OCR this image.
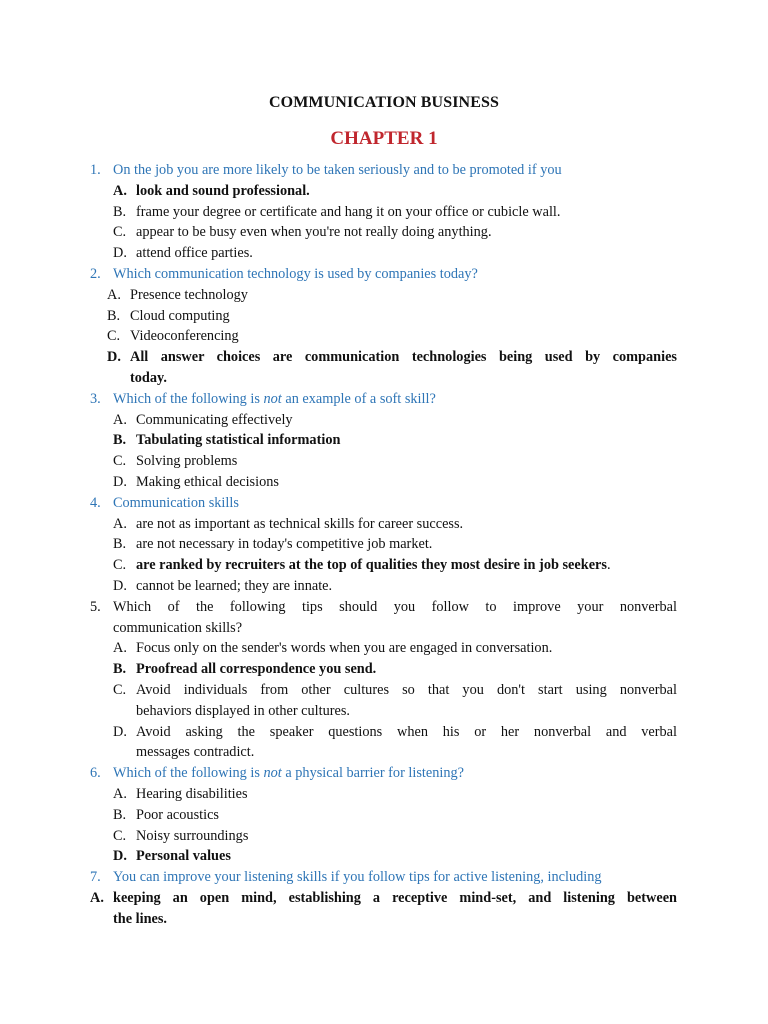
COMMUNICATION BUSINESS
CHAPTER 1
1. On the job you are more likely to be taken seriously and to be promoted if you
A. look and sound professional.
B. frame your degree or certificate and hang it on your office or cubicle wall.
C. appear to be busy even when you're not really doing anything.
D. attend office parties.
2. Which communication technology is used by companies today?
A. Presence technology
B. Cloud computing
C. Videoconferencing
D. All answer choices are communication technologies being used by companies
today.
3. Which of the following is not an example of a soft skill?
A. Communicating effectively
B. Tabulating statistical information
C. Solving problems
D. Making ethical decisions
4. Communication skills
A. are not as important as technical skills for career success.
B. are not necessary in today's competitive job market.
C. are ranked by recruiters at the top of qualities they most desire in job seekers.
D. cannot be learned; they are innate.
5. Which of the following tips should you follow to improve your nonverbal
communication skills?
A. Focus only on the sender's words when you are engaged in conversation.
B. Proofread all correspondence you send.
C. Avoid individuals from other cultures so that you don't start using nonverbal
behaviors displayed in other cultures.
D. Avoid asking the speaker questions when his or her nonverbal and verbal
messages contradict.
6. Which of the following is not a physical barrier for listening?
A. Hearing disabilities
B. Poor acoustics
C. Noisy surroundings
D. Personal values
7. You can improve your listening skills if you follow tips for active listening, including
A. keeping an open mind, establishing a receptive mind-set, and listening between
the lines.
